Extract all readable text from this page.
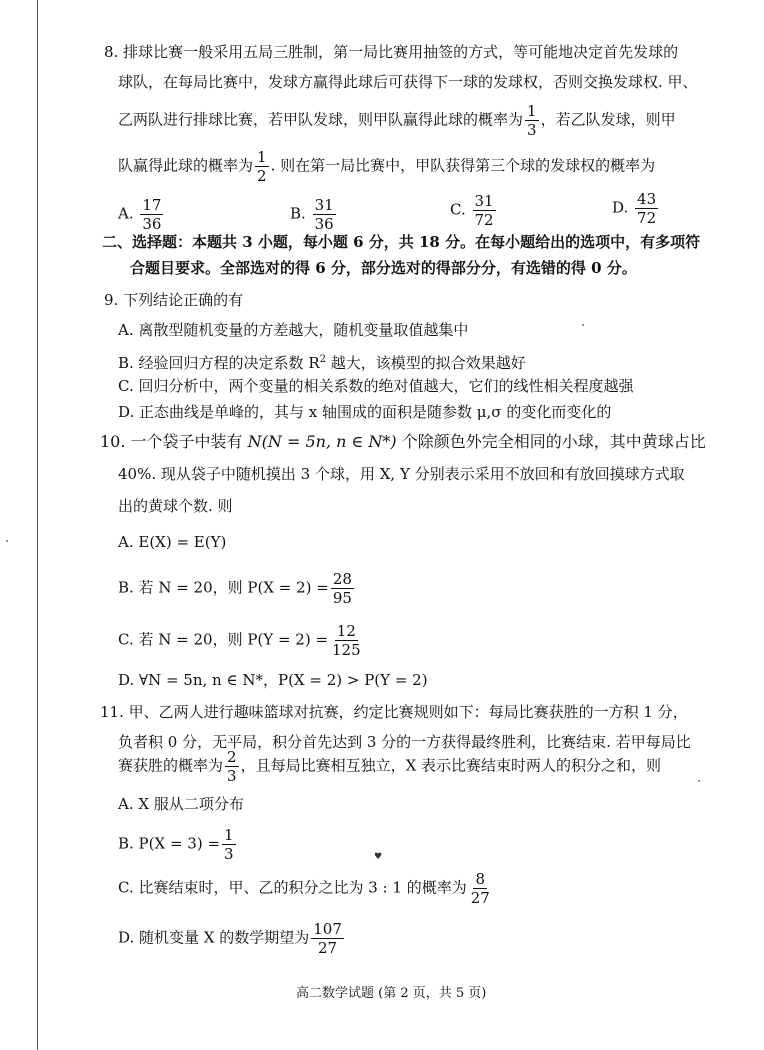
8. 排球比赛一般采用五局三胜制，第一局比赛用抽签的方式，等可能地决定首先发球的
球队，在每局比赛中，发球方赢得此球后可获得下一球的发球权，否则交换发球权. 甲、
乙两队进行排球比赛，若甲队发球，则甲队赢得此球的概率为 $\frac{1}{3}$ ，若乙队发球，则甲
队赢得此球的概率为 $\frac{1}{2}$ . 则在第一局比赛中，甲队获得第三个球的发球权的概率为
A. $\frac{17}{36}$	B. $\frac{31}{36}$	C. $\frac{31}{72}$	D. $\frac{43}{72}$
二、选择题：本题共 3 小题，每小题 6 分，共 18 分。在每小题给出的选项中，有多项符
合题目要求。全部选对的得 6 分，部分选对的得部分分，有选错的得 0 分。
9. 下列结论正确的有
A. 离散型随机变量的方差越大，随机变量取值越集中
B. 经验回归方程的决定系数 $R^2$ 越大，该模型的拟合效果越好
C. 回归分析中，两个变量的相关系数的绝对值越大，它们的线性相关程度越强
D. 正态曲线是单峰的，其与 x 轴围成的面积是随参数 μ,σ 的变化而变化的
10. 一个袋子中装有 N(N = 5n, n ∈ N*) 个除颜色外完全相同的小球，其中黄球占比
40%. 现从袋子中随机摸出 3 个球，用 X, Y 分别表示采用不放回和有放回摸球方式取
出的黄球个数. 则
A. E(X) = E(Y)
B. 若 N = 20，则 $P(X = 2) = \frac{28}{95}$
C. 若 N = 20，则 $P(Y = 2) = \frac{12}{125}$
D. ∀N = 5n, n ∈ N*，P(X = 2) > P(Y = 2)
11. 甲、乙两人进行趣味篮球对抗赛，约定比赛规则如下：每局比赛获胜的一方积 1 分，
负者积 0 分，无平局，积分首先达到 3 分的一方获得最终胜利，比赛结束. 若甲每局比
赛获胜的概率为 $\frac{2}{3}$ ，且每局比赛相互独立，X 表示比赛结束时两人的积分之和，则
A. X 服从二项分布
B. $P(X = 3) = \frac{1}{3}$
C. 比赛结束时，甲、乙的积分之比为 3 : 1 的概率为 $\frac{8}{27}$
D. 随机变量 X 的数学期望为 $\frac{107}{27}$
高二数学试题 (第 2 页，共 5 页)
♥
